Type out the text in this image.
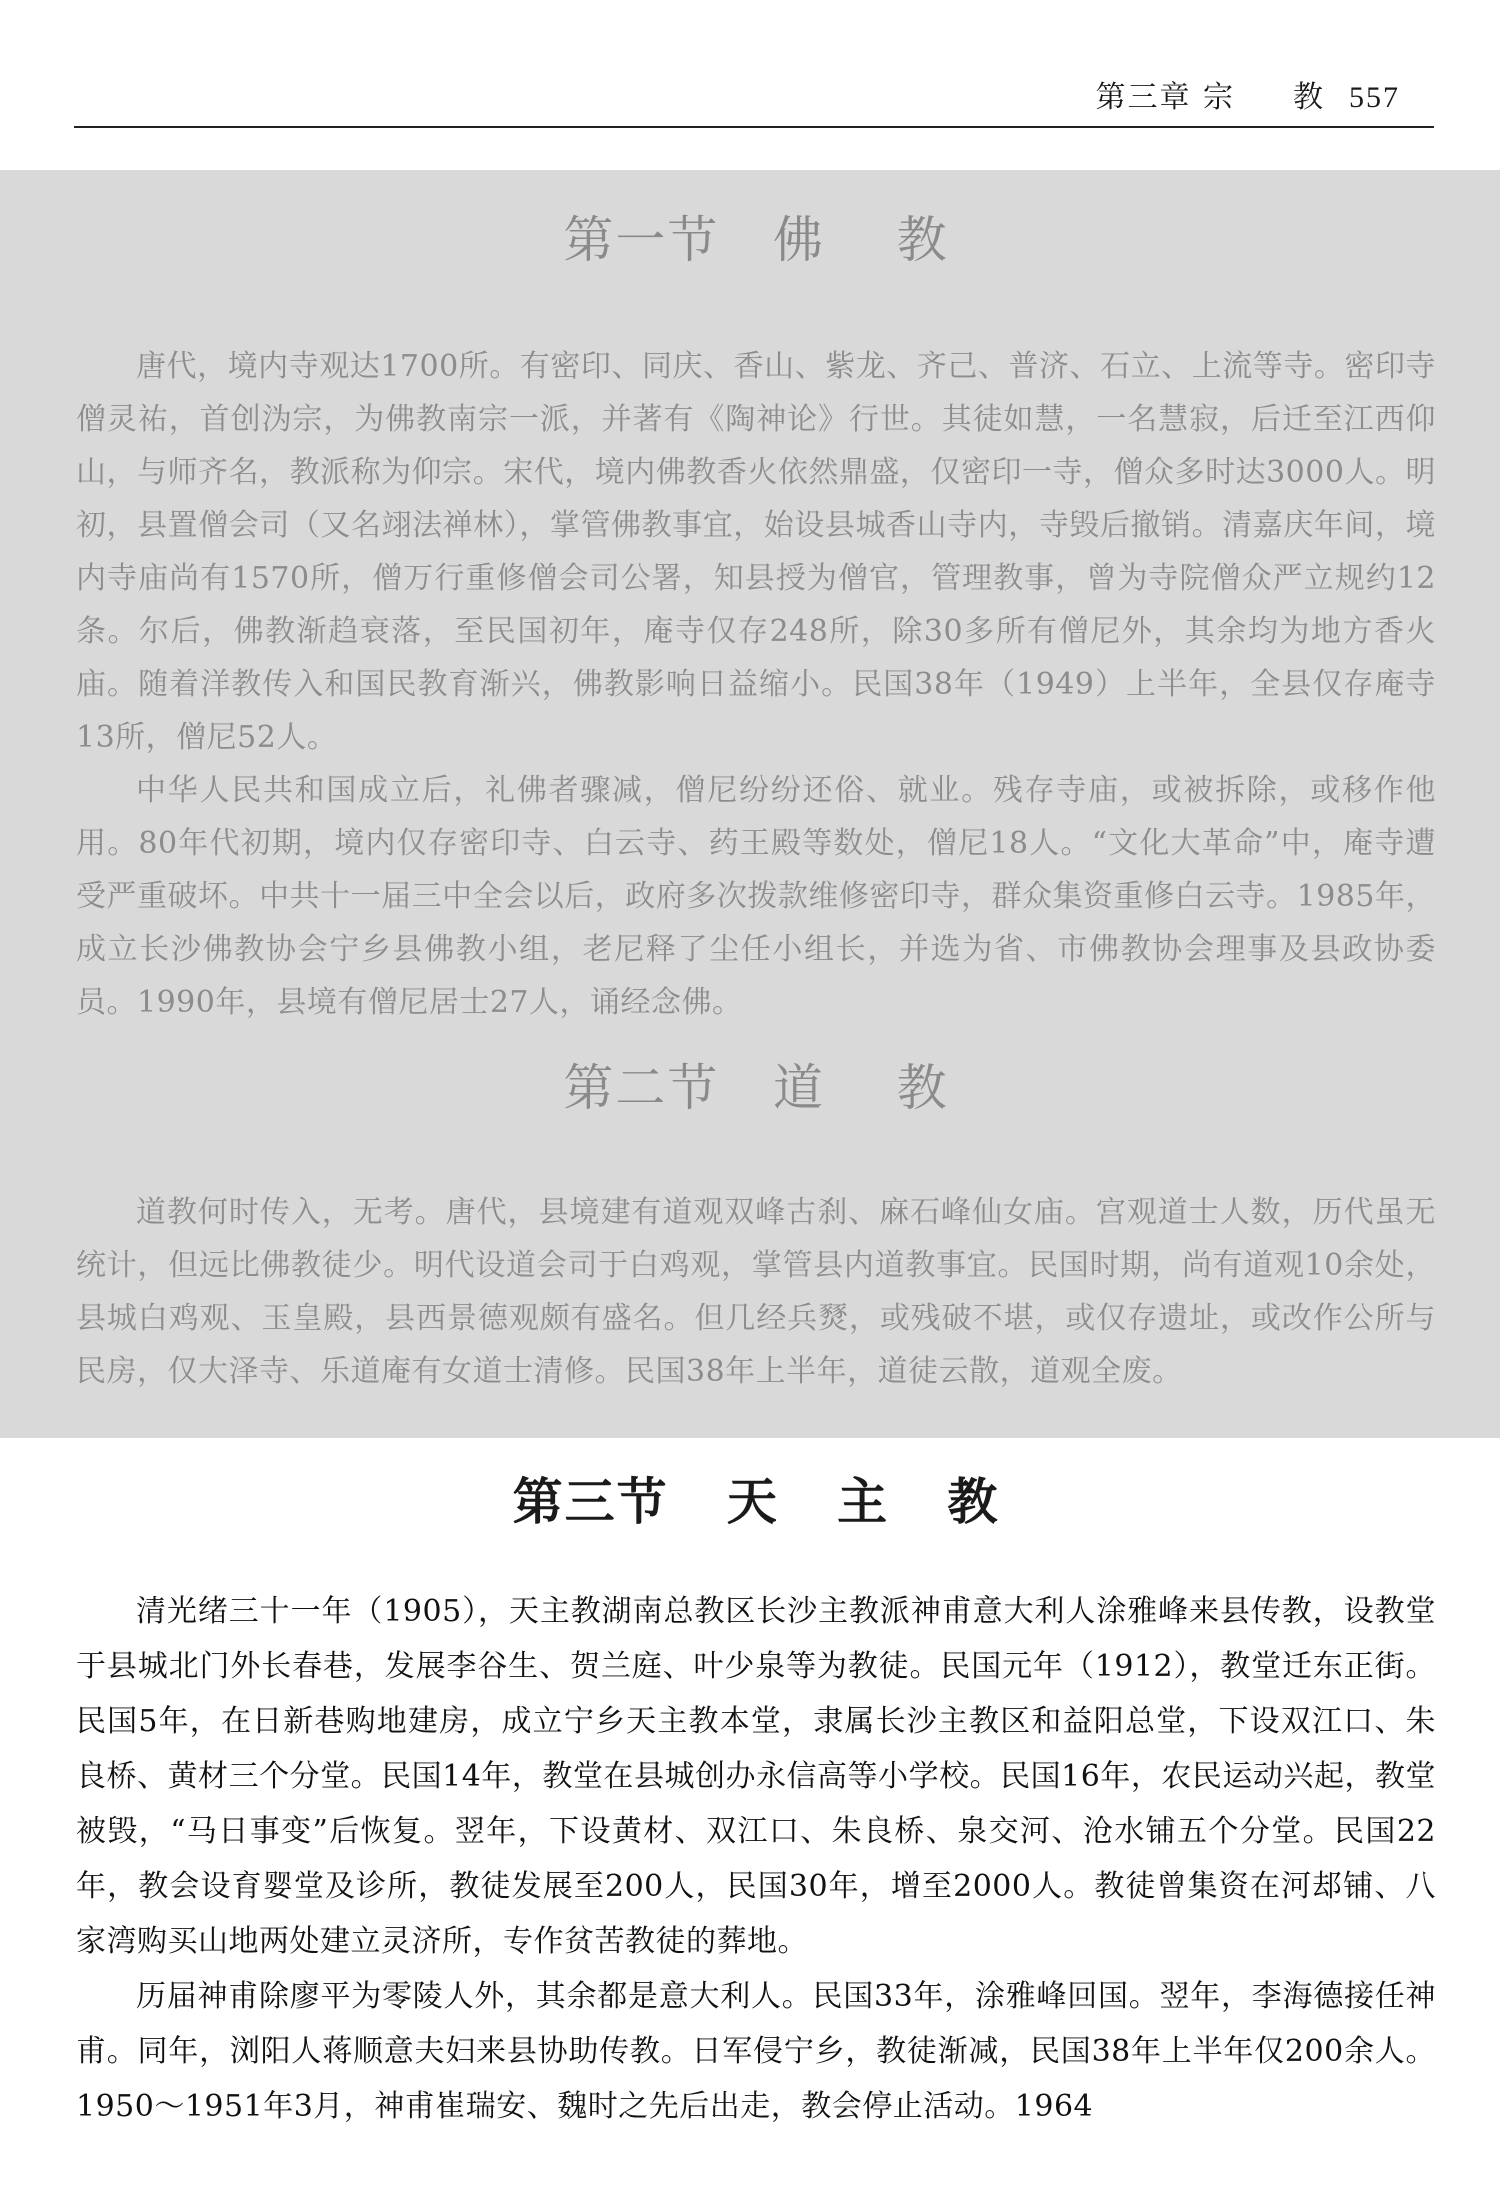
第三章 宗 教 557
第一节   佛    教

唐代，境内寺观达1700所。有密印、同庆、香山、紫龙、齐己、普济、石立、上流等寺。密印寺僧灵祐，首创沩宗，为佛教南宗一派，并著有《陶神论》行世。其徒如慧，一名慧寂，后迁至江西仰山，与师齐名，教派称为仰宗。宋代，境内佛教香火依然鼎盛，仅密印一寺，僧众多时达3000人。明初，县置僧会司（又名翊法禅林），掌管佛教事宜，始设县城香山寺内，寺毁后撤销。清嘉庆年间，境内寺庙尚有1570所，僧万行重修僧会司公署，知县授为僧官，管理教事，曾为寺院僧众严立规约12条。尔后，佛教渐趋衰落，至民国初年，庵寺仅存248所，除30多所有僧尼外，其余均为地方香火庙。随着洋教传入和国民教育渐兴，佛教影响日益缩小。民国38年（1949）上半年，全县仅存庵寺13所，僧尼52人。

中华人民共和国成立后，礼佛者骤减，僧尼纷纷还俗、就业。残存寺庙，或被拆除，或移作他用。80年代初期，境内仅存密印寺、白云寺、药王殿等数处，僧尼18人。“文化大革命”中，庵寺遭受严重破坏。中共十一届三中全会以后，政府多次拨款维修密印寺，群众集资重修白云寺。1985年，成立长沙佛教协会宁乡县佛教小组，老尼释了尘任小组长，并选为省、市佛教协会理事及县政协委员。1990年，县境有僧尼居士27人，诵经念佛。

第二节   道    教

道教何时传入，无考。唐代，县境建有道观双峰古刹、麻石峰仙女庙。宫观道士人数，历代虽无统计，但远比佛教徒少。明代设道会司于白鸡观，掌管县内道教事宜。民国时期，尚有道观10余处，县城白鸡观、玉皇殿，县西景德观颇有盛名。但几经兵燹，或残破不堪，或仅存遗址，或改作公所与民房，仅大泽寺、乐道庵有女道士清修。民国38年上半年，道徒云散，道观全废。

第三节   天   主   教

清光绪三十一年（1905），天主教湖南总教区长沙主教派神甫意大利人涂雅峰来县传教，设教堂于县城北门外长春巷，发展李谷生、贺兰庭、叶少泉等为教徒。民国元年（1912），教堂迁东正街。民国5年，在日新巷购地建房，成立宁乡天主教本堂，隶属长沙主教区和益阳总堂，下设双江口、朱良桥、黄材三个分堂。民国14年，教堂在县城创办永信高等小学校。民国16年，农民运动兴起，教堂被毁，“马日事变”后恢复。翌年，下设黄材、双江口、朱良桥、泉交河、沧水铺五个分堂。民国22年，教会设育婴堂及诊所，教徒发展至200人，民国30年，增至2000人。教徒曾集资在河𨚫铺、八家湾购买山地两处建立灵济所，专作贫苦教徒的葬地。

历届神甫除廖平为零陵人外，其余都是意大利人。民国33年，涂雅峰回国。翌年，李海德接任神甫。同年，浏阳人蒋顺意夫妇来县协助传教。日军侵宁乡，教徒渐减，民国38年上半年仅200余人。1950～1951年3月，神甫崔瑞安、魏时之先后出走，教会停止活动。1964
